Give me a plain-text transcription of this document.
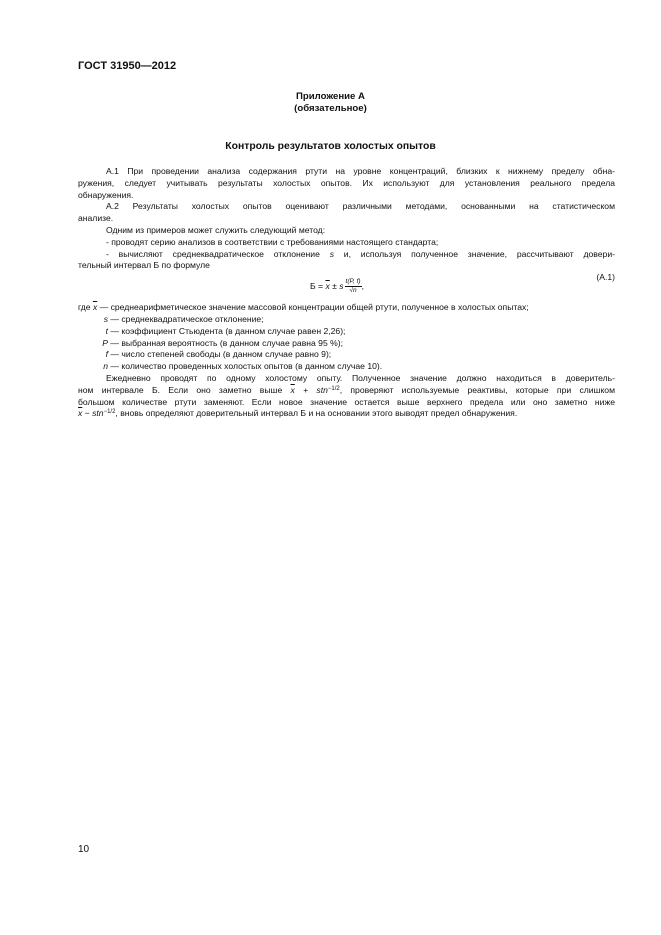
ГОСТ 31950—2012
Приложение А
(обязательное)
Контроль результатов холостых опытов

А.1 При проведении анализа содержания ртути на уровне концентраций, близких к нижнему пределу обна-
ружения, следует учитывать результаты холостых опытов. Их используют для установления реального предела
обнаружения.

А.2 Результаты холостых опытов оценивают различными методами, основанными на статистическом
анализе.

Одним из примеров может служить следующий метод:

- проводят серию анализов в соответствии с требованиями настоящего стандарта;

- вычисляют среднеквадратическое отклонение s и, используя полученное значение, рассчитывают довери-
тельный интервал Б по формуле

$Б = \overline{x} \pm s \frac{t(P, f)}{√n}$ ,
(А.1)

где $\overline{x}$ — среднеарифметическое значение массовой концентрации общей ртути, полученное в холостых опытах;

s — среднеквадратическое отклонение;

t — коэффициент Стьюдента (в данном случае равен 2,26);

P — выбранная вероятность (в данном случае равна 95 %);

f — число степеней свободы (в данном случае равно 9);

n — количество проведенных холостых опытов (в данном случае 10).

Ежедневно проводят по одному холостому опыту. Полученное значение должно находиться в доверитель-
ном интервале Б. Если оно заметно выше $\overline{x} + stn^{-1/2}$, проверяют используемые реактивы, которые при слишком
большом количестве ртути заменяют. Если новое значение остается выше верхнего предела или оно заметно ниже
$\overline{x} - stn^{-1/2}$, вновь определяют доверительный интервал Б и на основании этого выводят предел обнаружения.

10
